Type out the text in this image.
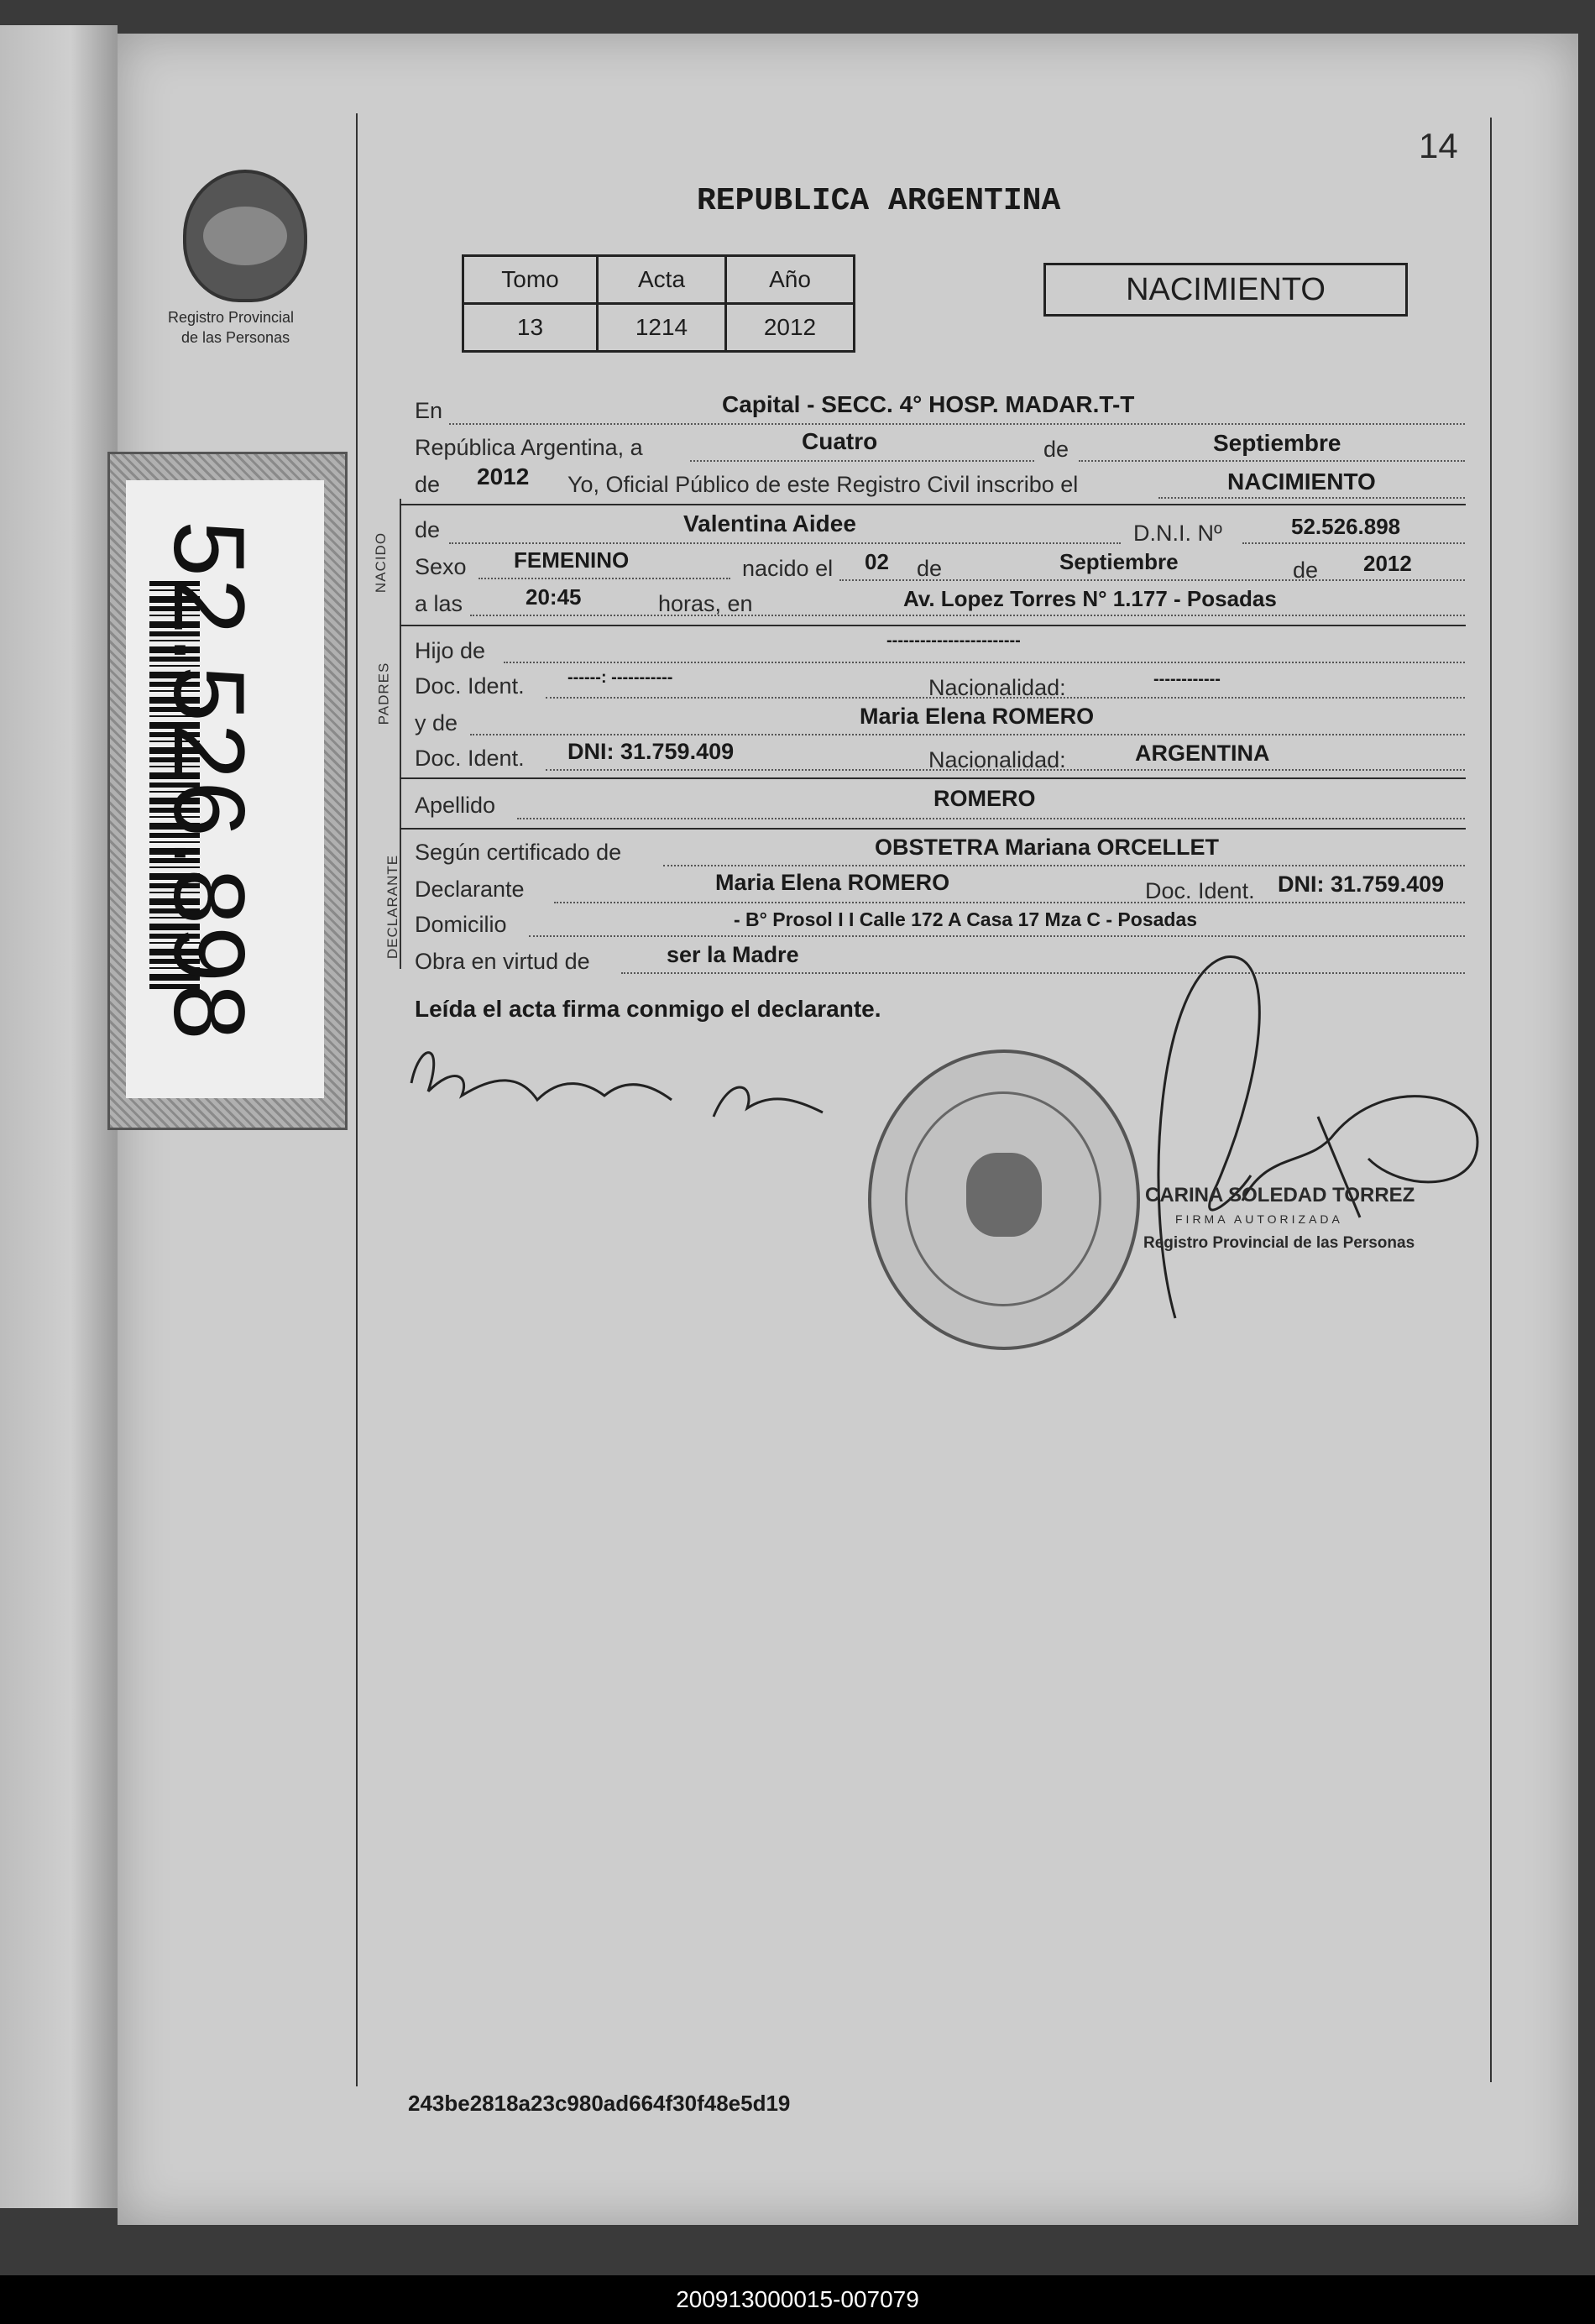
14
Registro Provincial
de las Personas
REPUBLICA ARGENTINA
Tomo	Acta	Año
13	1214	2012
NACIMIENTO
52.526.898
En	Capital - SECC. 4° HOSP. MADAR.T-T
República Argentina, a	Cuatro	de	Septiembre
de 2012 Yo, Oficial Público de este Registro Civil inscribo el	NACIMIENTO
NACIDO
de	Valentina Aidee	D.N.I. Nº	52.526.898
Sexo FEMENINO	nacido el 02 de	Septiembre	de 2012
a las	20:45	horas, en	Av. Lopez Torres N° 1.177 - Posadas
PADRES
Hijo de	------------------------
Doc. Ident.	------: -----------	Nacionalidad:	------------
y de	Maria Elena ROMERO
Doc. Ident. DNI: 31.759.409	Nacionalidad:	ARGENTINA
Apellido	ROMERO
DECLARANTE
Según certificado de	OBSTETRA Mariana ORCELLET
Declarante	Maria Elena ROMERO	Doc. Ident. DNI: 31.759.409
Domicilio	- B° Prosol I I Calle 172 A Casa 17 Mza C - Posadas
Obra en virtud de	ser la Madre
Leída el acta firma conmigo el declarante.
CARINA SOLEDAD TORREZ
FIRMA AUTORIZADA
Registro Provincial de las Personas
243be2818a23c980ad664f30f48e5d19
200913000015-007079
